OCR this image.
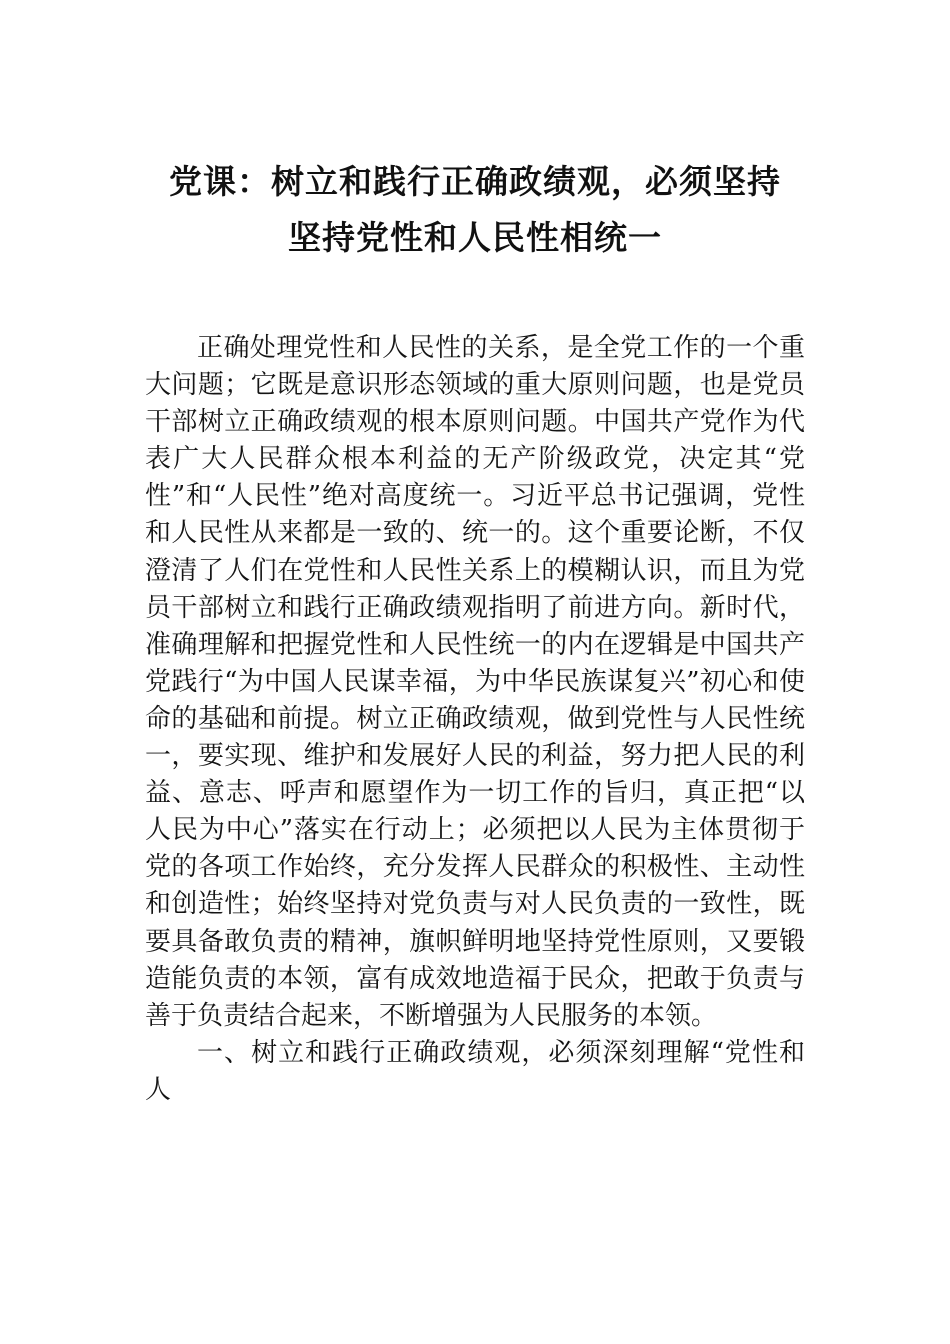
党课：树立和践行正确政绩观，必须坚持
坚持党性和人民性相统一

正确处理党性和人民性的关系，是全党工作的一个重大问题；它既是意识形态领域的重大原则问题，也是党员干部树立正确政绩观的根本原则问题。中国共产党作为代表广大人民群众根本利益的无产阶级政党，决定其“党性”和“人民性”绝对高度统一。习近平总书记强调，党性和人民性从来都是一致的、统一的。这个重要论断，不仅澄清了人们在党性和人民性关系上的模糊认识，而且为党员干部树立和践行正确政绩观指明了前进方向。新时代，准确理解和把握党性和人民性统一的内在逻辑是中国共产党践行“为中国人民谋幸福，为中华民族谋复兴”初心和使命的基础和前提。树立正确政绩观，做到党性与人民性统一，要实现、维护和发展好人民的利益，努力把人民的利益、意志、呼声和愿望作为一切工作的旨归，真正把“以人民为中心”落实在行动上；必须把以人民为主体贯彻于党的各项工作始终，充分发挥人民群众的积极性、主动性和创造性；始终坚持对党负责与对人民负责的一致性，既要具备敢负责的精神，旗帜鲜明地坚持党性原则，又要锻造能负责的本领，富有成效地造福于民众，把敢于负责与善于负责结合起来，不断增强为人民服务的本领。

一、树立和践行正确政绩观，必须深刻理解“党性和人
